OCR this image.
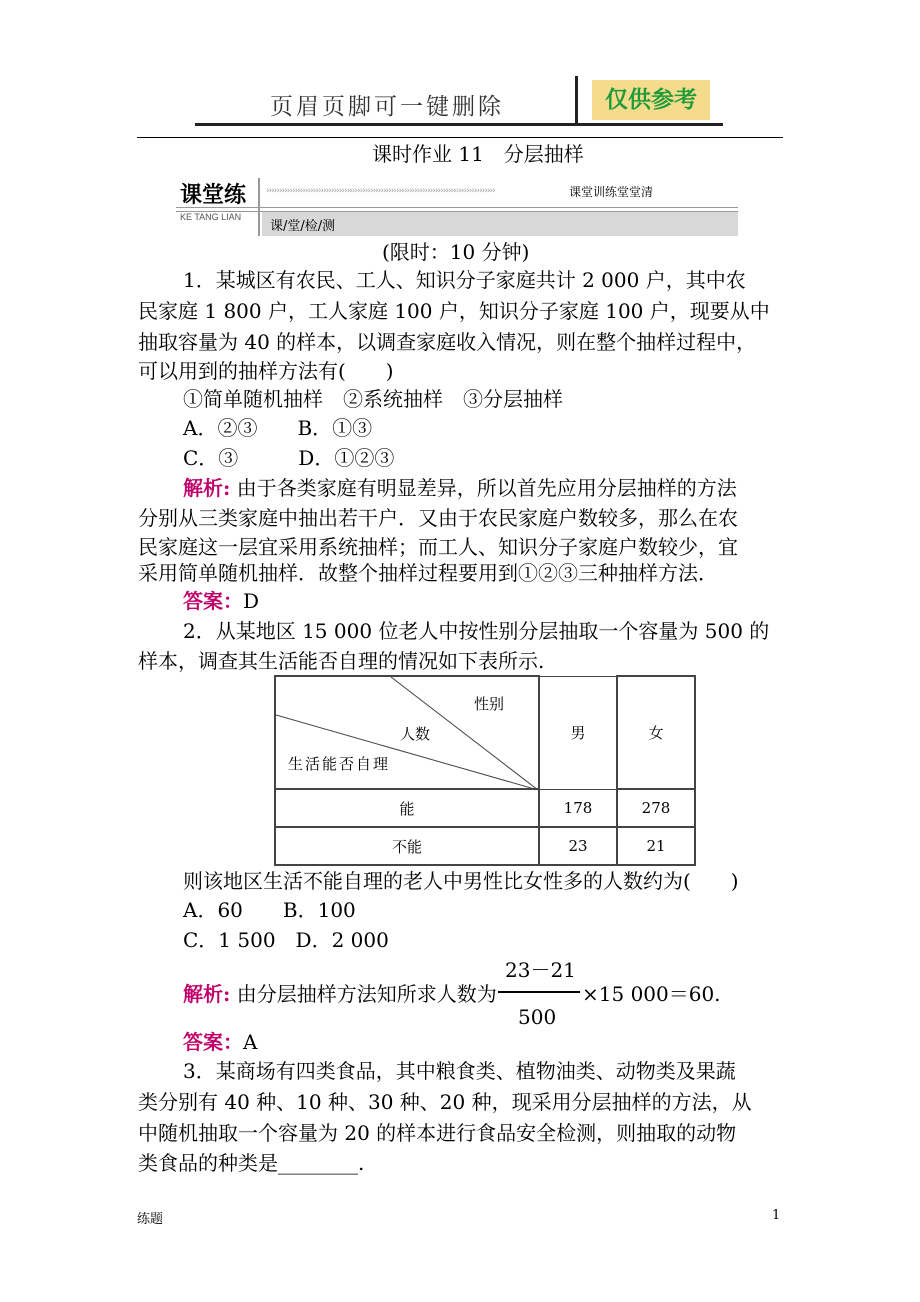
页眉页脚可一键删除	仅供参考
课时作业 11　分层抽样
课堂练
KE TANG LIAN
››››››››››››››››››››››››››››››››››››››››››››››››››››››››››››››››››››››››››››››››››››››››	课堂训练堂堂清
课/堂/检/测
(限时：10 分钟)
1．某城区有农民、工人、知识分子家庭共计 2 000 户，其中农
民家庭 1 800 户，工人家庭 100 户，知识分子家庭 100 户，现要从中
抽取容量为 40 的样本，以调查家庭收入情况，则在整个抽样过程中，
可以用到的抽样方法有(　　)
①简单随机抽样　②系统抽样　③分层抽样
A．②③　　B．①③
C．③　　　D．①②③
解析: 由于各类家庭有明显差异，所以首先应用分层抽样的方法
分别从三类家庭中抽出若干户．又由于农民家庭户数较多，那么在农
民家庭这一层宜采用系统抽样；而工人、知识分子家庭户数较少，宜
采用简单随机抽样．故整个抽样过程要用到①②③三种抽样方法．
答案：D
2．从某地区 15 000 位老人中按性别分层抽取一个容量为 500 的
样本，调查其生活能否自理的情况如下表所示.
性别
人数
生活能否自理	男	女
能	178	278
不能	23	21
则该地区生活不能自理的老人中男性比女性多的人数约为(　　)
A．60　　B．100
C．1 500　D．2 000
23－21
解析: 由分层抽样方法知所求人数为	×15 000＝60.
500
答案：A
3．某商场有四类食品，其中粮食类、植物油类、动物类及果蔬
类分别有 40 种、10 种、30 种、20 种，现采用分层抽样的方法，从
中随机抽取一个容量为 20 的样本进行食品安全检测，则抽取的动物
类食品的种类是________.
练题	1
